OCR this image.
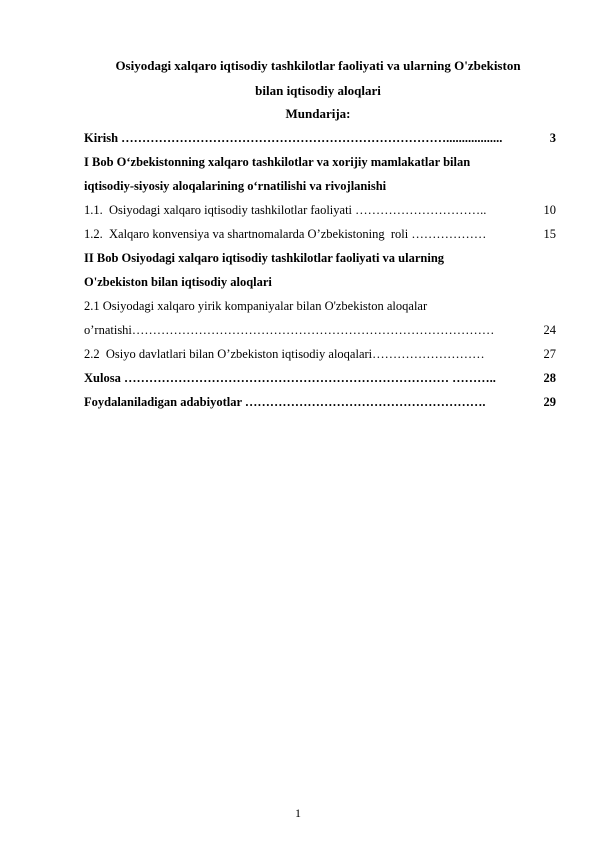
Osiyodagi xalqaro iqtisodiy tashkilotlar faoliyati va ularning O'zbekiston
bilan iqtisodiy aloqlari
Mundarija:
Kirish ……………………………………………………………………..................	3
I Bob O‘zbekistonning xalqaro tashkilotlar va xorijiy mamlakatlar bilan
iqtisodiy-siyosiy aloqalarining o‘rnatilishi va rivojlanishi
1.1.  Osiyodagi xalqaro iqtisodiy tashkilotlar faoliyati …………………………..	10
1.2.  Xalqaro konvensiya va shartnomalarda O’zbekistoning  roli ………………	15
II Bob Osiyodagi xalqaro iqtisodiy tashkilotlar faoliyati va ularning
O'zbekiston bilan iqtisodiy aloqlari
2.1 Osiyodagi xalqaro yirik kompaniyalar bilan O'zbekiston aloqalar
o’rnatishi ……………………………………………………………………………	24
2.2  Osiyo davlatlari bilan O’zbekiston iqtisodiy aloqalari ………………………	27
Xulosa …………………………………………………………………… ………..	28
Foydalaniladigan adabiyotlar ………………………………………………….	29
1
